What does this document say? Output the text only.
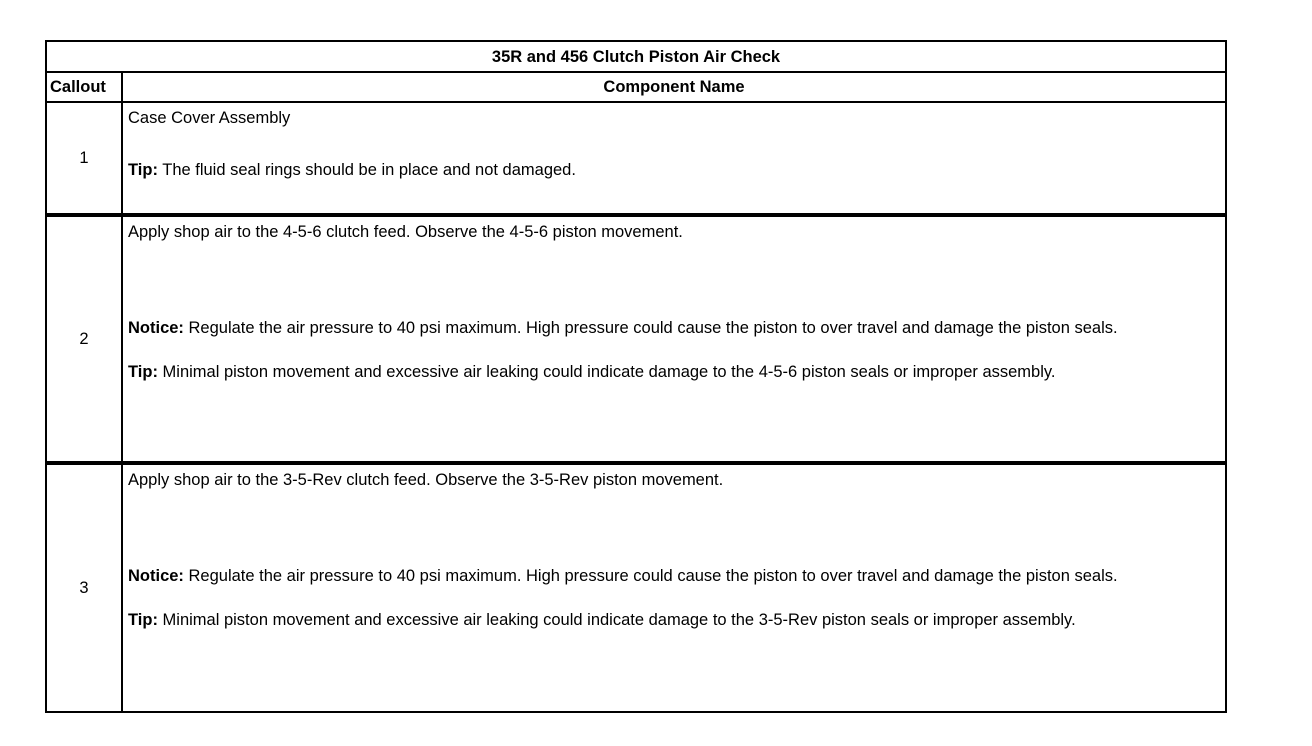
35R and 456 Clutch Piston Air Check	
Callout	Component Name
1	Case Cover Assembly

Tip: The fluid seal rings should be in place and not damaged.

2	Apply shop air to the 4-5-6 clutch feed. Observe the 4-5-6 piston movement.

Notice: Regulate the air pressure to 40 psi maximum. High pressure could cause the piston to over travel and damage the piston seals.

Tip: Minimal piston movement and excessive air leaking could indicate damage to the 4-5-6 piston seals or improper assembly.

3	Apply shop air to the 3-5-Rev clutch feed. Observe the 3-5-Rev piston movement.

Notice: Regulate the air pressure to 40 psi maximum. High pressure could cause the piston to over travel and damage the piston seals.

Tip: Minimal piston movement and excessive air leaking could indicate damage to the 3-5-Rev piston seals or improper assembly.
